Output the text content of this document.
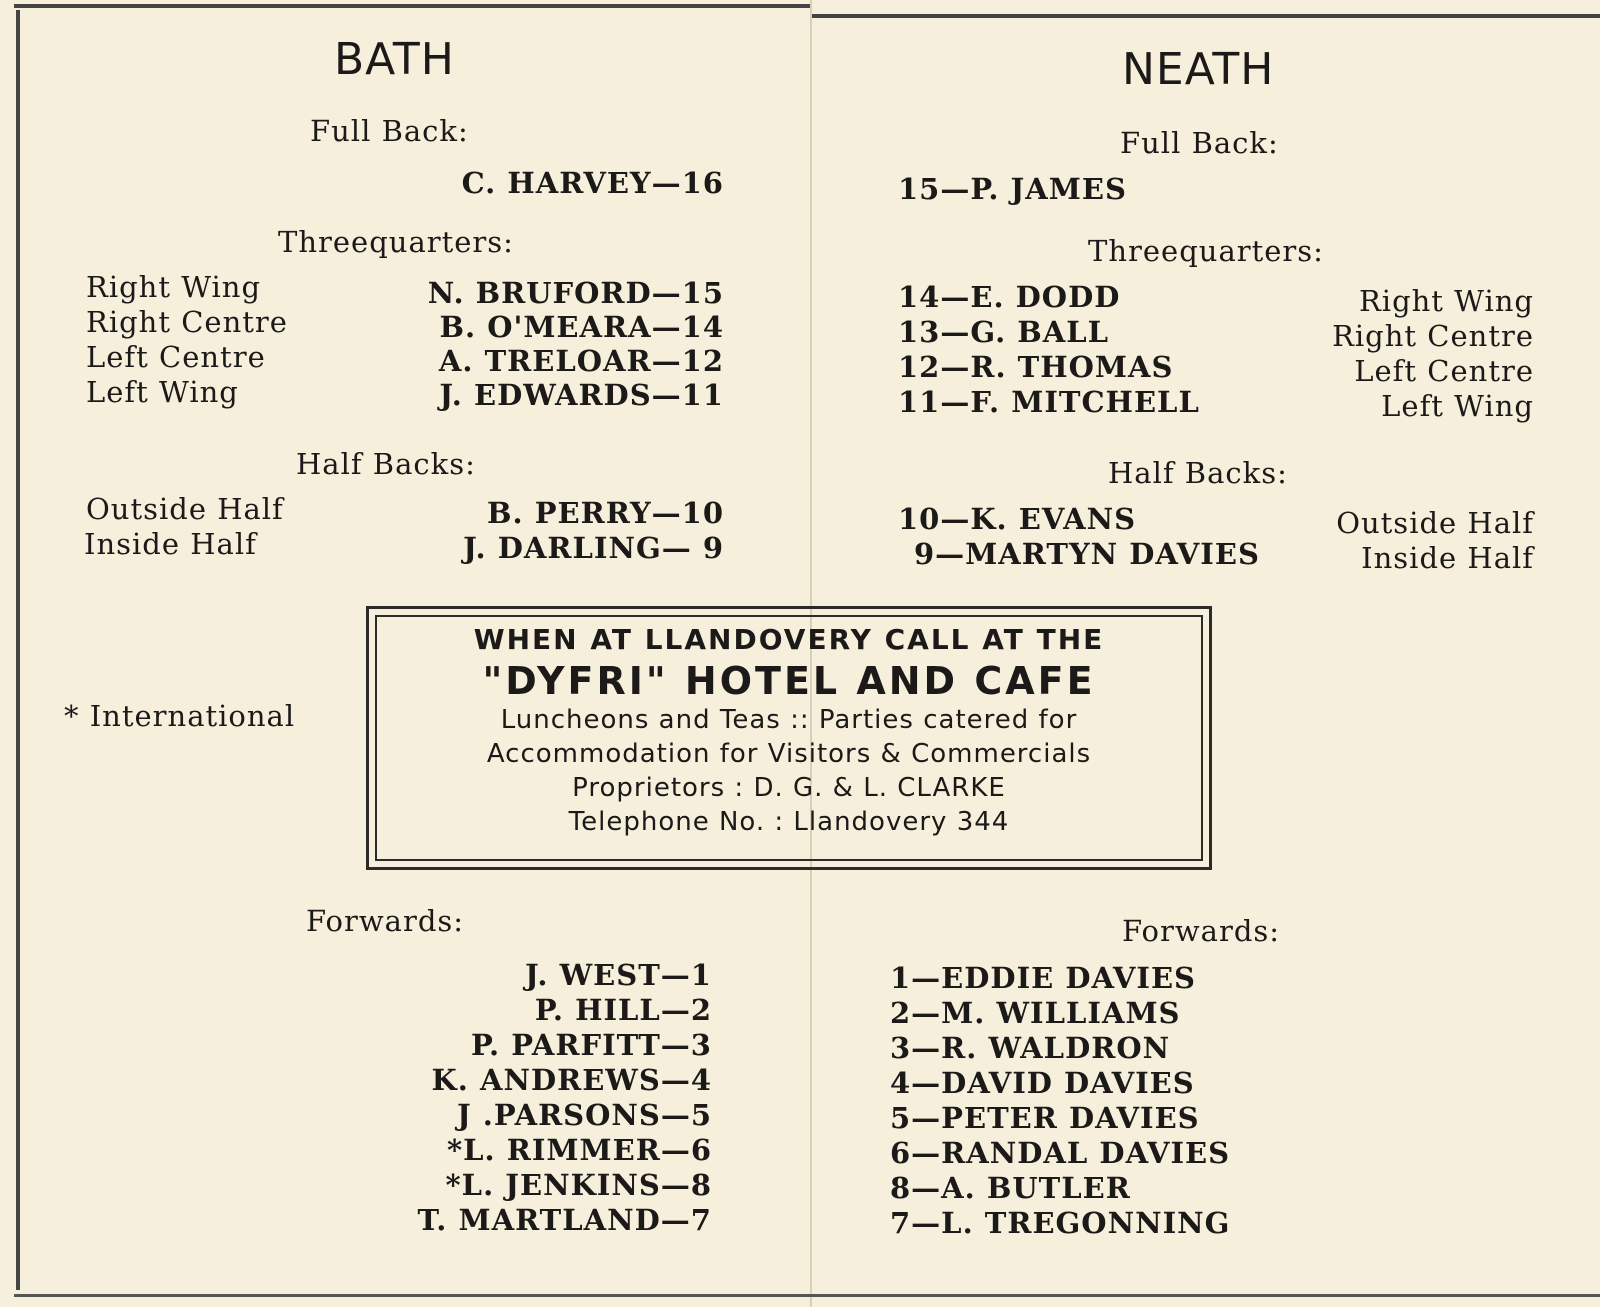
BATH
Full Back:
C. HARVEY—16
Threequarters:
Right Wing	N. BRUFORD—15
Right Centre	B. O'MEARA—14
Left Centre	A. TRELOAR—12
Left Wing	J. EDWARDS—11
Half Backs:
Outside Half	B. PERRY—10
Inside Half	J. DARLING— 9
* International
Forwards:
J. WEST—1
P. HILL—2
P. PARFITT—3
K. ANDREWS—4
J .PARSONS—5
*L. RIMMER—6
*L. JENKINS—8
T. MARTLAND—7
NEATH
Full Back:
15—P. JAMES
Threequarters:
14—E. DODD	Right Wing
13—G. BALL	Right Centre
12—R. THOMAS	Left Centre
11—F. MITCHELL	Left Wing
Half Backs:
10—K. EVANS	Outside Half
9—MARTYN DAVIES	Inside Half
Forwards:
1—EDDIE DAVIES
2—M. WILLIAMS
3—R. WALDRON
4—DAVID DAVIES
5—PETER DAVIES
6—RANDAL DAVIES
8—A. BUTLER
7—L. TREGONNING
WHEN AT LLANDOVERY CALL AT THE
"DYFRI" HOTEL AND CAFE
Luncheons and Teas :: Parties catered for
Accommodation for Visitors & Commercials
Proprietors : D. G. & L. CLARKE
Telephone No. : Llandovery 344
